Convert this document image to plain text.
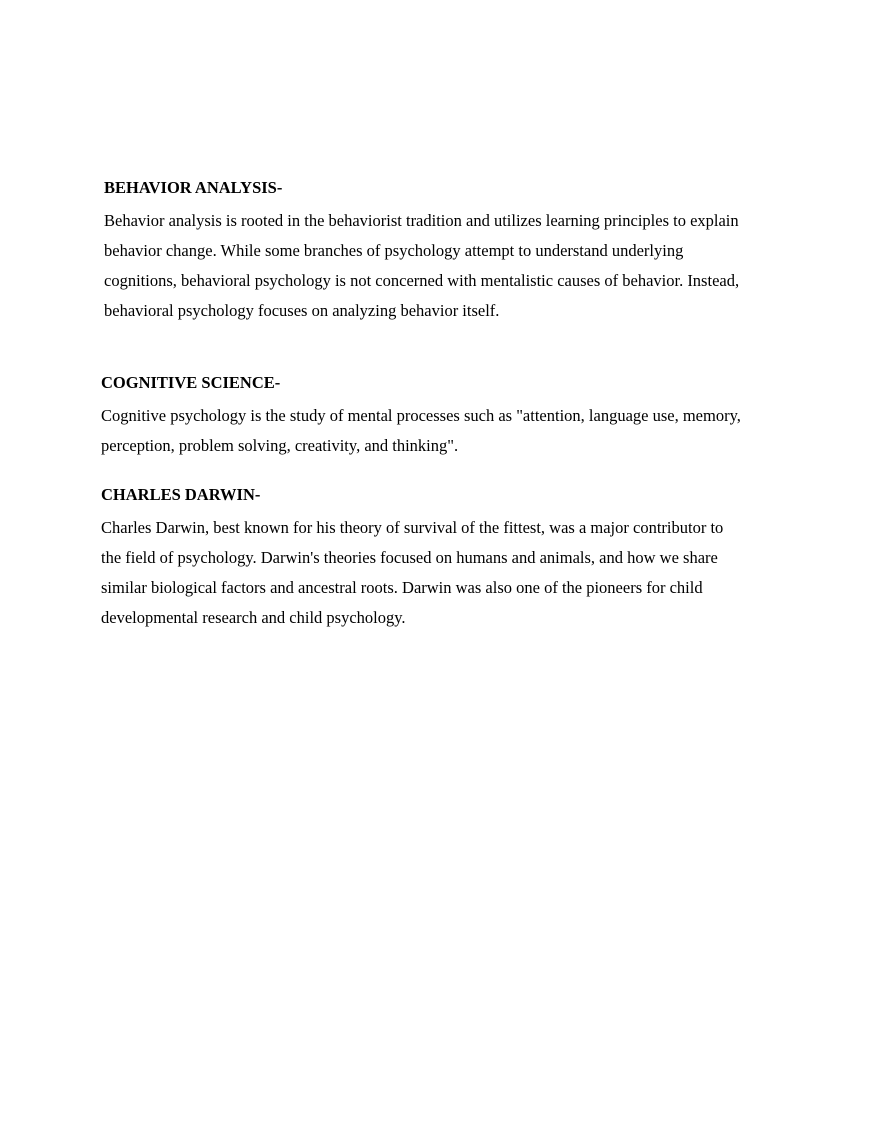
BEHAVIOR ANALYSIS-

Behavior analysis is rooted in the behaviorist tradition and utilizes learning principles to explain
behavior change. While some branches of psychology attempt to understand underlying
cognitions, behavioral psychology is not concerned with mentalistic causes of behavior. Instead,
behavioral psychology focuses on analyzing behavior itself.

COGNITIVE SCIENCE-

Cognitive psychology is the study of mental processes such as "attention, language use, memory,
perception, problem solving, creativity, and thinking".

CHARLES DARWIN-

Charles Darwin, best known for his theory of survival of the fittest, was a major contributor to
the field of psychology. Darwin's theories focused on humans and animals, and how we share
similar biological factors and ancestral roots. Darwin was also one of the pioneers for child
developmental research and child psychology.
